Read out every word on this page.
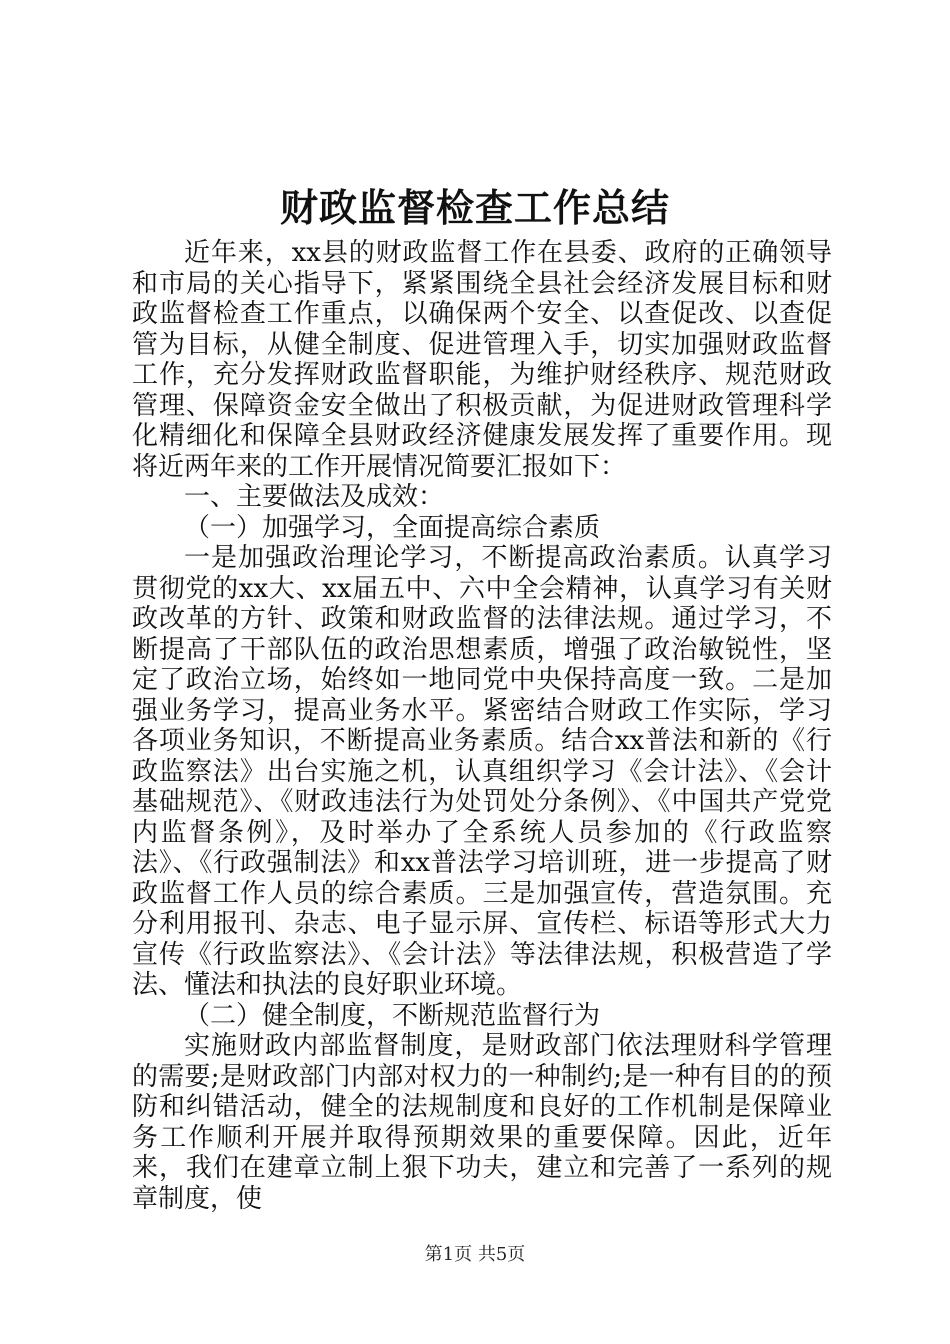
财政监督检查工作总结

近年来，xx县的财政监督工作在县委、政府的正确领导和市局的关心指导下，紧紧围绕全县社会经济发展目标和财政监督检查工作重点，以确保两个安全、以查促改、以查促管为目标，从健全制度、促进管理入手，切实加强财政监督工作，充分发挥财政监督职能，为维护财经秩序、规范财政管理、保障资金安全做出了积极贡献，为促进财政管理科学化精细化和保障全县财政经济健康发展发挥了重要作用。现将近两年来的工作开展情况简要汇报如下：

一、主要做法及成效：

（一）加强学习，全面提高综合素质

一是加强政治理论学习，不断提高政治素质。认真学习贯彻党的xx大、xx届五中、六中全会精神，认真学习有关财政改革的方针、政策和财政监督的法律法规。通过学习，不断提高了干部队伍的政治思想素质，增强了政治敏锐性，坚定了政治立场，始终如一地同党中央保持高度一致。二是加强业务学习，提高业务水平。紧密结合财政工作实际，学习各项业务知识，不断提高业务素质。结合xx普法和新的《行政监察法》出台实施之机，认真组织学习《会计法》、《会计基础规范》、《财政违法行为处罚处分条例》、《中国共产党党内监督条例》，及时举办了全系统人员参加的《行政监察法》、《行政强制法》和xx普法学习培训班，进一步提高了财政监督工作人员的综合素质。三是加强宣传，营造氛围。充分利用报刊、杂志、电子显示屏、宣传栏、标语等形式大力宣传《行政监察法》、《会计法》等法律法规，积极营造了学法、懂法和执法的良好职业环境。

（二）健全制度，不断规范监督行为

实施财政内部监督制度，是财政部门依法理财科学管理的需要;是财政部门内部对权力的一种制约;是一种有目的的预防和纠错活动，健全的法规制度和良好的工作机制是保障业务工作顺利开展并取得预期效果的重要保障。因此，近年来，我们在建章立制上狠下功夫，建立和完善了一系列的规章制度，使

第1页 共5页
